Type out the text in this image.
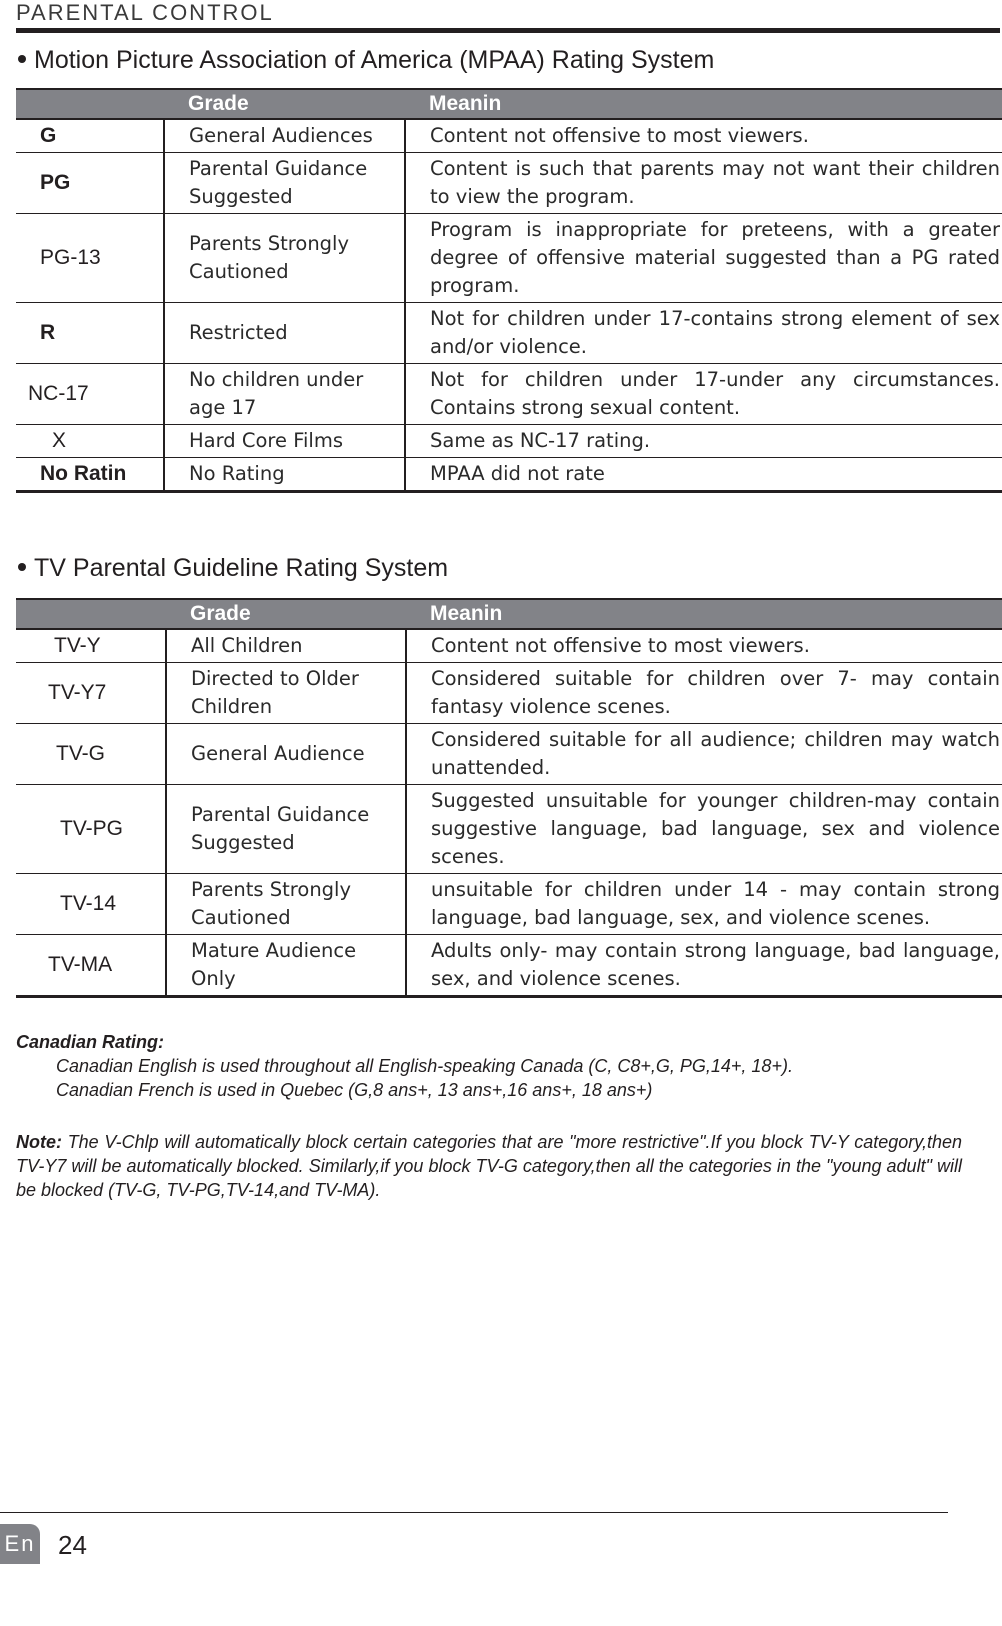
PARENTAL CONTROL
Motion Picture Association of America (MPAA) Rating System
	Grade	Meanin
G	General Audiences	Content not offensive to most viewers.
PG	Parental Guidance Suggested	Content is such that parents may not want their children to view the program.
PG-13	Parents Strongly Cautioned	Program is inappropriate for preteens, with a greater degree of offensive material suggested than a PG rated program.
R	Restricted	Not for children under 17-contains strong element of sex and/or violence.
NC-17	No children under age 17	Not for children under 17-under any circumstances. Contains strong sexual content.
X	Hard Core Films	Same as NC-17 rating.
No Ratin	No Rating	MPAA did not rate
TV Parental Guideline Rating System
	Grade	Meanin
TV-Y	All Children	Content not offensive to most viewers.
TV-Y7	Directed to Older Children	Considered suitable for children over 7- may contain fantasy violence scenes.
TV-G	General Audience	Considered suitable for all audience; children may watch unattended.
TV-PG	Parental Guidance Suggested	Suggested unsuitable for younger children-may contain suggestive language, bad language, sex and violence scenes.
TV-14	Parents Strongly Cautioned	unsuitable for children under 14 - may contain strong language, bad language, sex, and violence scenes.
TV-MA	Mature Audience Only	Adults only- may contain strong language, bad language, sex, and violence scenes.
Canadian Rating:
Canadian English is used throughout all English-speaking Canada (C, C8+,G, PG,14+, 18+).
Canadian French is used in Quebec (G,8 ans+, 13 ans+,16 ans+, 18 ans+)
Note: The V-Chlp will automatically block certain categories that are "more restrictive".If you block TV-Y category,then TV-Y7 will be automatically blocked. Similarly,if you block TV-G category,then all the categories in the "young adult" will be blocked (TV-G, TV-PG,TV-14,and TV-MA).
En 24
